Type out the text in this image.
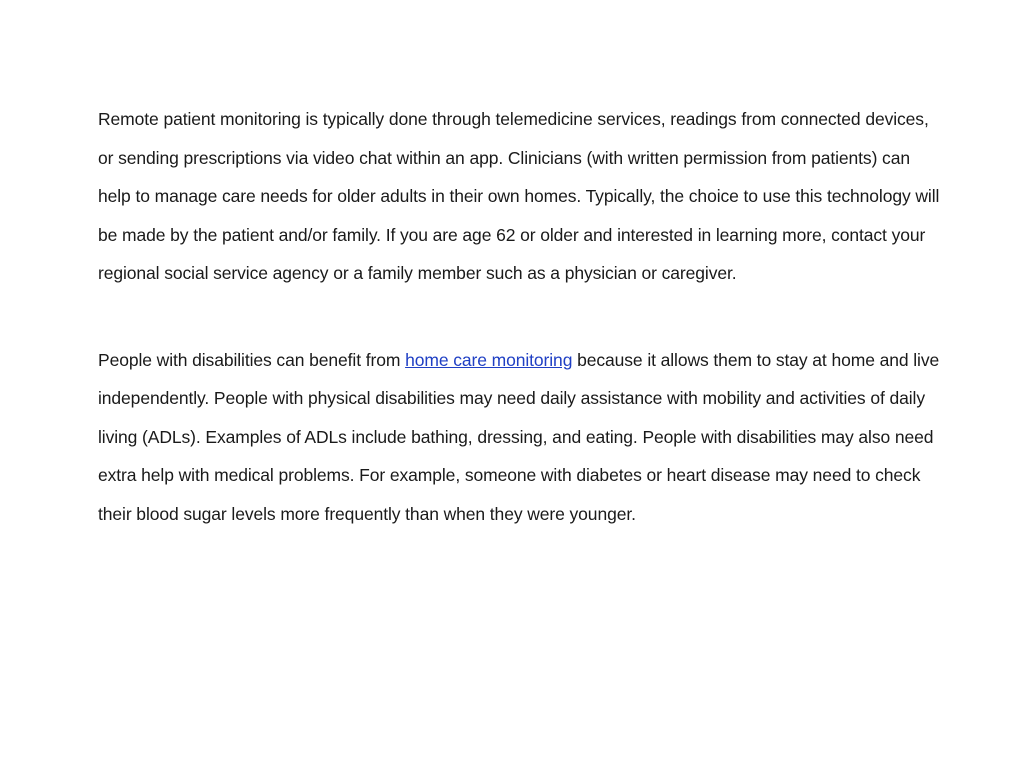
Remote patient monitoring is typically done through telemedicine services, readings from connected devices, or sending prescriptions via video chat within an app. Clinicians (with written permission from patients) can help to manage care needs for older adults in their own homes. Typically, the choice to use this technology will be made by the patient and/or family. If you are age 62 or older and interested in learning more, contact your regional social service agency or a family member such as a physician or caregiver.

People with disabilities can benefit from home care monitoring because it allows them to stay at home and live independently. People with physical disabilities may need daily assistance with mobility and activities of daily living (ADLs). Examples of ADLs include bathing, dressing, and eating. People with disabilities may also need extra help with medical problems. For example, someone with diabetes or heart disease may need to check their blood sugar levels more frequently than when they were younger.
